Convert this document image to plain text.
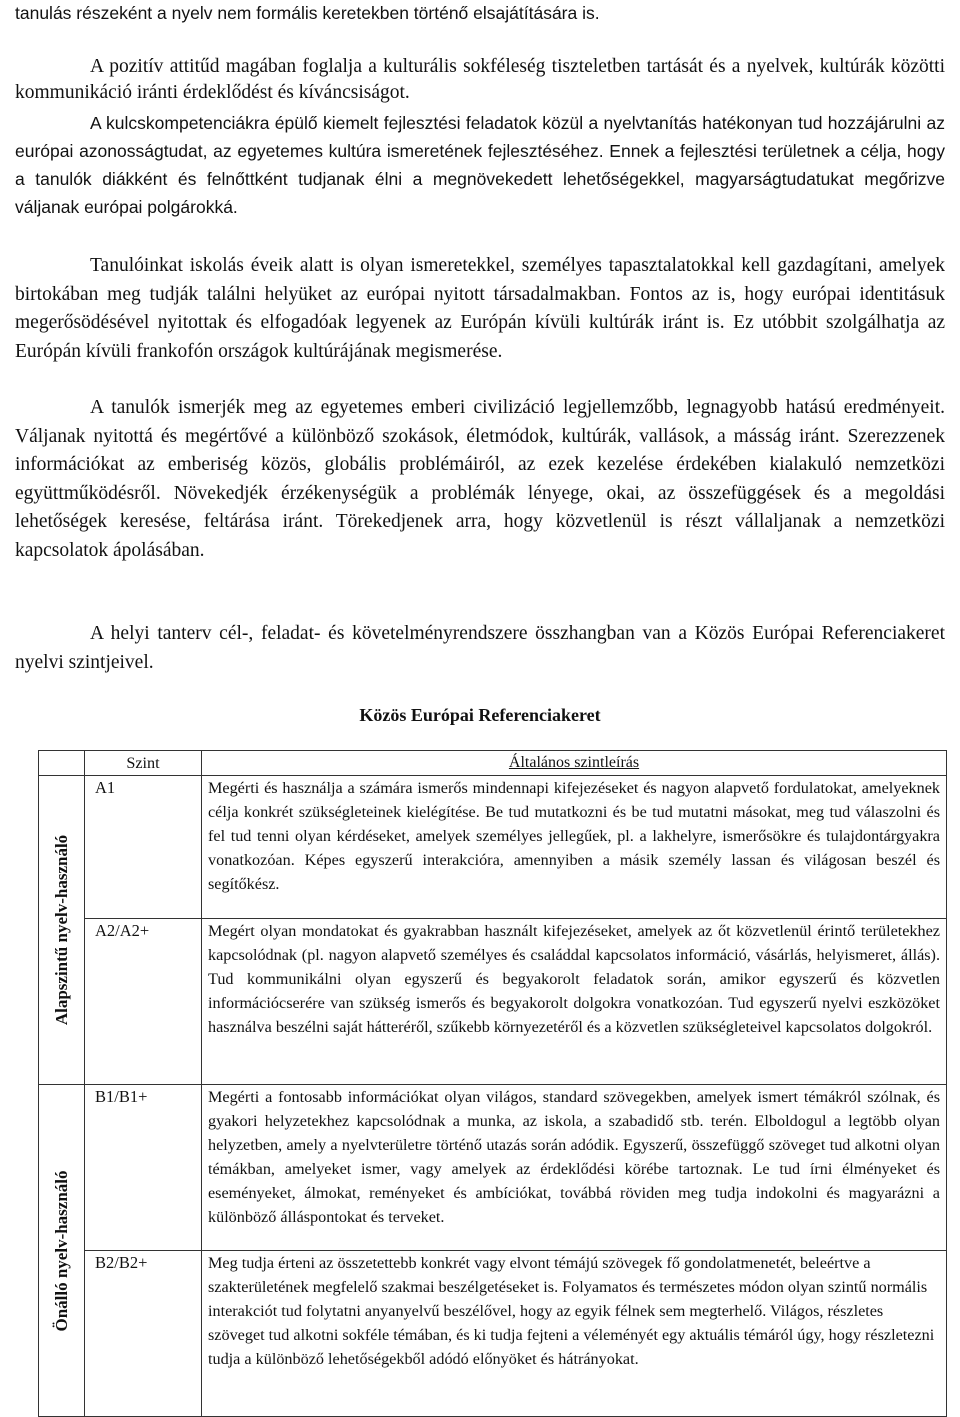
tanulás részeként a nyelv nem formális keretekben történő elsajátítására is.

A pozitív attitűd magában foglalja a kulturális sokféleség tiszteletben tartását és a nyelvek, kultúrák közötti kommunikáció iránti érdeklődést és kíváncsiságot.

A kulcskompetenciákra épülő kiemelt fejlesztési feladatok közül a nyelvtanítás hatékonyan tud hozzájárulni az európai azonosságtudat, az egyetemes kultúra ismeretének fejlesztéséhez. Ennek a fejlesztési területnek a célja, hogy a tanulók diákként és felnőttként tudjanak élni a megnövekedett lehetőségekkel, magyarságtudatukat megőrizve váljanak európai polgárokká.

Tanulóinkat iskolás éveik alatt is olyan ismeretekkel, személyes tapasztalatokkal kell gazdagítani, amelyek birtokában meg tudják találni helyüket az európai nyitott társadalmakban. Fontos az is, hogy európai identitásuk megerősödésével nyitottak és elfogadóak legyenek az Európán kívüli kultúrák iránt is. Ez utóbbit szolgálhatja az Európán kívüli frankofón országok kultúrájának megismerése.

A tanulók ismerjék meg az egyetemes emberi civilizáció legjellemzőbb, legnagyobb hatású eredményeit. Váljanak nyitottá és megértővé a különböző szokások, életmódok, kultúrák, vallások, a másság iránt. Szerezzenek információkat az emberiség közös, globális problémáiról, az ezek kezelése érdekében kialakuló nemzetközi együttműködésről. Növekedjék érzékenységük a problémák lényege, okai, az összefüggések és a megoldási lehetőségek keresése, feltárása iránt. Törekedjenek arra, hogy közvetlenül is részt vállaljanak a nemzetközi kapcsolatok ápolásában.

A helyi tanterv cél-, feladat- és követelményrendszere összhangban van a Közös Európai Referenciakeret nyelvi szintjeivel.

Közös Európai Referenciakeret
	Szint	Általános szintleírás

Alapszintű nyelv-használó	A1	Megérti és használja a számára ismerős mindennapi kifejezéseket és nagyon alapvető fordulatokat, amelyeknek célja konkrét szükségleteinek kielégítése. Be tud mutatkozni és be tud mutatni másokat, meg tud válaszolni és fel tud tenni olyan kérdéseket, amelyek személyes jellegűek, pl. a lakhelyre, ismerősökre és tulajdontárgyakra vonatkozóan. Képes egyszerű interakcióra, amennyiben a másik személy lassan és világosan beszél és segítőkész.
	A2/A2+	Megért olyan mondatokat és gyakrabban használt kifejezéseket, amelyek az őt közvetlenül érintő területekhez kapcsolódnak (pl. nagyon alapvető személyes és családdal kapcsolatos információ, vásárlás, helyismeret, állás). Tud kommunikálni olyan egyszerű és begyakorolt feladatok során, amikor egyszerű és közvetlen információcserére van szükség ismerős és begyakorolt dolgokra vonatkozóan. Tud egyszerű nyelvi eszközöket használva beszélni saját hátteréről, szűkebb környezetéről és a közvetlen szükségleteivel kapcsolatos dolgokról.

Önálló nyelv-használó	B1/B1+	Megérti a fontosabb információkat olyan világos, standard szövegekben, amelyek ismert témákról szólnak, és gyakori helyzetekhez kapcsolódnak a munka, az iskola, a szabadidő stb. terén. Elboldogul a legtöbb olyan helyzetben, amely a nyelvterületre történő utazás során adódik. Egyszerű, összefüggő szöveget tud alkotni olyan témákban, amelyeket ismer, vagy amelyek az érdeklődési körébe tartoznak. Le tud írni élményeket és eseményeket, álmokat, reményeket és ambíciókat, továbbá röviden meg tudja indokolni és magyarázni a különböző álláspontokat és terveket.
	B2/B2+	Meg tudja érteni az összetettebb konkrét vagy elvont témájú szövegek fő gondolatmenetét, beleértve a szakterületének megfelelő szakmai beszélgetéseket is. Folyamatos és természetes módon olyan szintű normális interakciót tud folytatni anyanyelvű beszélővel, hogy az egyik félnek sem megterhelő. Világos, részletes szöveget tud alkotni sokféle témában, és ki tudja fejteni a véleményét egy aktuális témáról úgy, hogy részletezni tudja a különböző lehetőségekből adódó előnyöket és hátrányokat.
